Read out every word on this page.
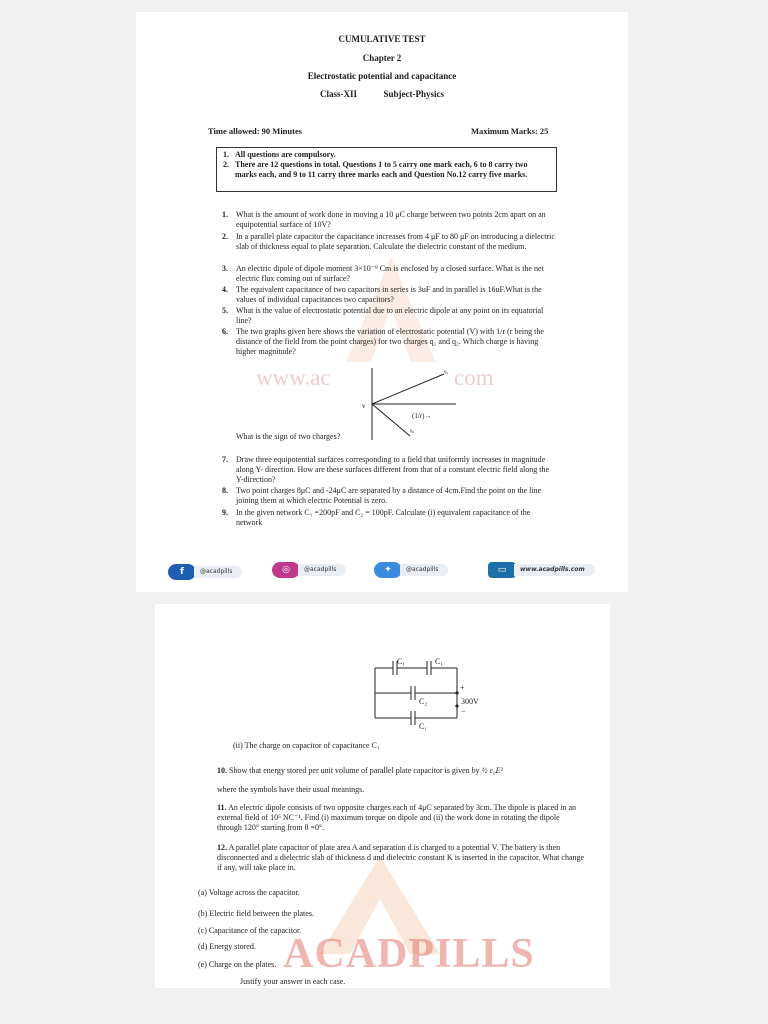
www.ac	com
CUMULATIVE TEST
Chapter 2
Electrostatic potential and capacitance
Class-XII	Subject-Physics
Time allowed: 90 Minutes	Maximum Marks: 25
1. All questions are compulsory.
2. There are 12 questions in total. Questions 1 to 5 carry one mark each, 6 to 8 carry two marks each, and 9 to 11 carry three marks each and Question No.12 carry five marks.
1.	What is the amount of work done in moving a 10 μC charge between two points 2cm apart on an equipotential surface of 10V?
2.	In a parallel plate capacitor the capacitance increases from 4 μF to 80 μF on introducing a dielectric slab of thickness equal to plate separation. Calculate the dielectric constant of the medium.
3.	An electric dipole of dipole moment 3×10⁻⁹ Cm is enclosed by a closed surface. What is the net electric flux coming out of surface?
4.	The equivalent capacitance of two capacitors in series is 3uF and in parallel is 16uF.What is the values of individual capacitances two capacitors?
5.	What is the value of electrostatic potential due to an electric dipole at any point on its equatorial line?
6.	The two graphs given here shows the variation of electrostatic potential (V) with 1/r (r being the distance of the field from the point charges) for two charges q₁ and q₂. Which charge is having higher magnitude?
v
(1/r)→
q₁
q₂
What is the sign of two charges?
7.	Draw three equipotential surfaces corresponding to a field that uniformly increases in magnitude along Y- direction. How are these surfaces different from that of a constant electric field along the Y-direction?
8.	Two point charges 8μC and -24μC are separated by a distance of 4cm.Find the point on the line joining them at which electric Potential is zero.
9.	In the given network C₁ =200pF and C₂ = 100pF. Calculate (i) equivalent capacitance of the network
f	@acadpills	◎	@acadpills	✦	@acadpills	▭	www.acadpills.com
ACADPILLS
C₁	C₁
C₂
C₁
+
300V
−
(ii) The charge on capacitor of capacitance C₁
10. Show that energy stored per unit volume of parallel plate capacitor is given by ½ ε₀E²
where the symbols have their usual meanings.
11. An electric dipole consists of two opposite charges each of 4μC separated by 3cm. The dipole is placed in an external field of 10⁵ NC⁻¹. Find (i) maximum torque on dipole and (ii) the work done in rotating the dipole through 120° starting from θ =0°.
12. A parallel plate capacitor of plate area A and separation d is charged to a potential V. The battery is then disconnected and a dielectric slab of thickness d and dielectric constant K is inserted in the capacitor. What change if any, will take place in.
(a) Voltage across the capacitor.
(b) Electric field between the plates.
(c) Capacitance of the capacitor.
(d) Energy stored.
(e) Charge on the plates.
Justify your answer in each case.
